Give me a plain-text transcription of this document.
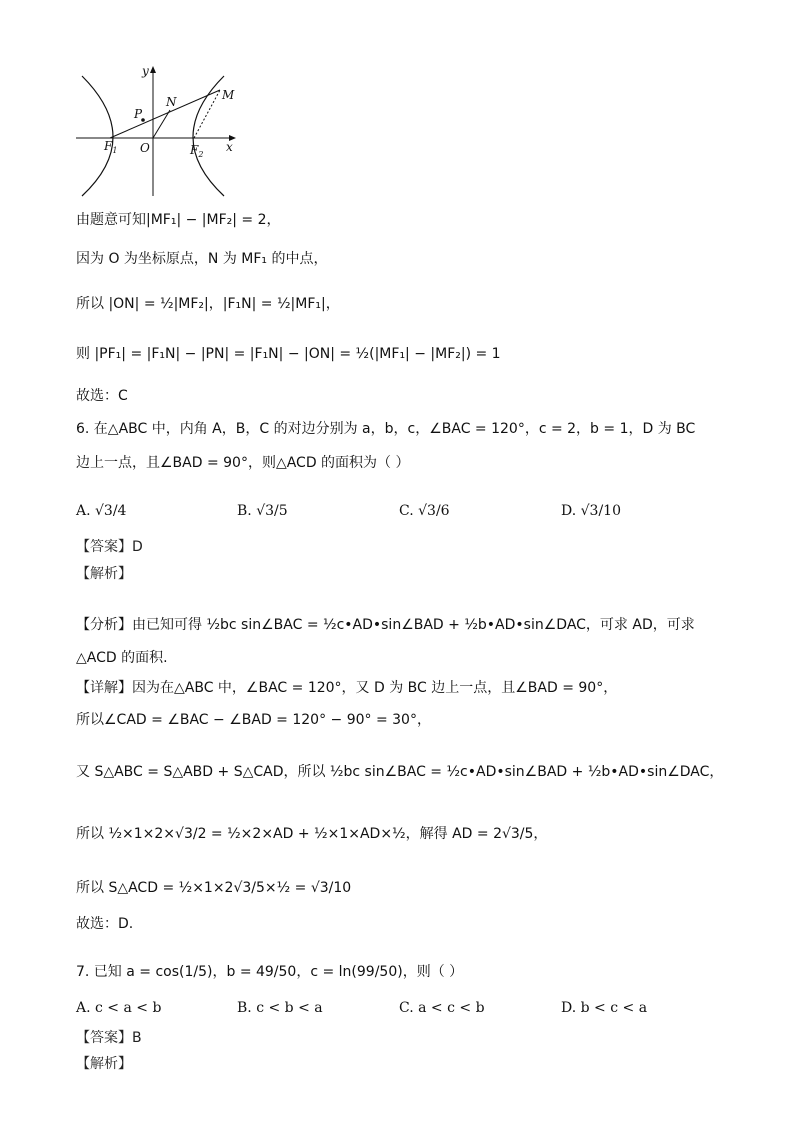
y
x
M
N
P
O
$F_1$	$F_2$
由题意可知|MF₁| − |MF₂| = 2，
因为 O 为坐标原点，N 为 MF₁ 的中点，
所以 |ON| = ½|MF₂|，|F₁N| = ½|MF₁|，
则 |PF₁| = |F₁N| − |PN| = |F₁N| − |ON| = ½(|MF₁| − |MF₂|) = 1
故选：C
6. 在△ABC 中，内角 A，B，C 的对边分别为 a，b，c，∠BAC = 120°，c = 2，b = 1，D 为 BC
边上一点，且∠BAD = 90°，则△ACD 的面积为（ ）
A. √3/4	B. √3/5	C. √3/6	D. √3/10
【答案】D
【解析】
【分析】由已知可得 ½bc sin∠BAC = ½c•AD•sin∠BAD + ½b•AD•sin∠DAC，可求 AD，可求
△ACD 的面积.
【详解】因为在△ABC 中，∠BAC = 120°，又 D 为 BC 边上一点，且∠BAD = 90°，
所以∠CAD = ∠BAC − ∠BAD = 120° − 90° = 30°，
又 S△ABC = S△ABD + S△CAD，所以 ½bc sin∠BAC = ½c•AD•sin∠BAD + ½b•AD•sin∠DAC，
所以 ½×1×2×√3/2 = ½×2×AD + ½×1×AD×½，解得 AD = 2√3/5，
所以 S△ACD = ½×1×2√3/5×½ = √3/10
故选：D.
7. 已知 a = cos(1/5)，b = 49/50，c = ln(99/50)，则（ ）
A. c < a < b	B. c < b < a	C. a < c < b	D. b < c < a
【答案】B
【解析】
